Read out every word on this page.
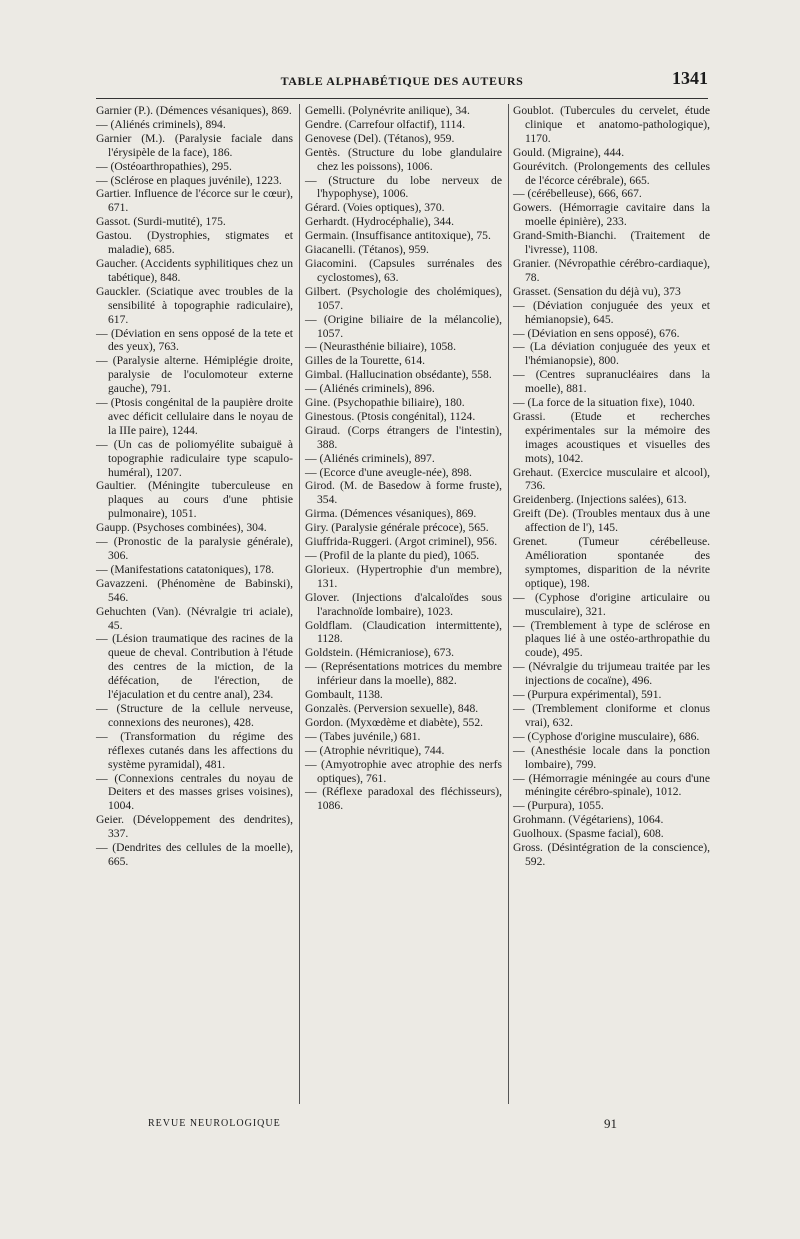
TABLE ALPHABÉTIQUE DES AUTEURS	1341

Garnier (P.). (Démences vésaniques), 869.

— (Aliénés criminels), 894.

Garnier (M.). (Paralysie faciale dans l'érysipèle de la face), 186.

— (Ostéoarthropathies), 295.

— (Sclérose en plaques juvénile), 1223.

Gartier. Influence de l'écorce sur le cœur), 671.

Gassot. (Surdi-mutité), 175.

Gastou. (Dystrophies, stigmates et maladie), 685.

Gaucher. (Accidents syphilitiques chez un tabétique), 848.

Gauckler. (Sciatique avec troubles de la sensibilité à topographie radiculaire), 617.

— (Déviation en sens opposé de la tete et des yeux), 763.

— (Paralysie alterne. Hémiplégie droite, paralysie de l'oculomoteur externe gauche), 791.

— (Ptosis congénital de la paupière droite avec déficit cellulaire dans le noyau de la IIIe paire), 1244.

— (Un cas de poliomyélite subaiguë à topographie radiculaire type scapulo-huméral), 1207.

Gaultier. (Méningite tuberculeuse en plaques au cours d'une phtisie pulmonaire), 1051.

Gaupp. (Psychoses combinées), 304.

— (Pronostic de la paralysie générale), 306.

— (Manifestations catatoniques), 178.

Gavazzeni. (Phénomène de Babinski), 546.

Gehuchten (Van). (Névralgie tri aciale), 45.

— (Lésion traumatique des racines de la queue de cheval. Contribution à l'étude des centres de la miction, de la défécation, de l'érection, de l'éjaculation et du centre anal), 234.

— (Structure de la cellule nerveuse, connexions des neurones), 428.

— (Transformation du régime des réflexes cutanés dans les affections du système pyramidal), 481.

— (Connexions centrales du noyau de Deiters et des masses grises voisines), 1004.

Geier. (Développement des dendrites), 337.

— (Dendrites des cellules de la moelle), 665.

Gemelli. (Polynévrite anilique), 34.

Gendre. (Carrefour olfactif), 1114.

Genovese (Del). (Tétanos), 959.

Gentès. (Structure du lobe glandulaire chez les poissons), 1006.

— (Structure du lobe nerveux de l'hypophyse), 1006.

Gérard. (Voies optiques), 370.

Gerhardt. (Hydrocéphalie), 344.

Germain. (Insuffisance antitoxique), 75.

Giacanelli. (Tétanos), 959.

Giacomini. (Capsules surrénales des cyclostomes), 63.

Gilbert. (Psychologie des cholémiques), 1057.

— (Origine biliaire de la mélancolie), 1057.

— (Neurasthénie biliaire), 1058.

Gilles de la Tourette, 614.

Gimbal. (Hallucination obsédante), 558.

— (Aliénés criminels), 896.

Gine. (Psychopathie biliaire), 180.

Ginestous. (Ptosis congénital), 1124.

Giraud. (Corps étrangers de l'intestin), 388.

— (Aliénés criminels), 897.

— (Ecorce d'une aveugle-née), 898.

Girod. (M. de Basedow à forme fruste), 354.

Girma. (Démences vésaniques), 869.

Giry. (Paralysie générale précoce), 565.

Giuffrida-Ruggeri. (Argot criminel), 956.

— (Profil de la plante du pied), 1065.

Glorieux. (Hypertrophie d'un membre), 131.

Glover. (Injections d'alcaloïdes sous l'arachnoïde lombaire), 1023.

Goldflam. (Claudication intermittente), 1128.

Goldstein. (Hémicraniose), 673.

— (Représentations motrices du membre inférieur dans la moelle), 882.

Gombault, 1138.

Gonzalès. (Perversion sexuelle), 848.

Gordon. (Myxœdème et diabète), 552.

— (Tabes juvénile,) 681.

— (Atrophie névritique), 744.

— (Amyotrophie avec atrophie des nerfs optiques), 761.

— (Réflexe paradoxal des fléchisseurs), 1086.

Goublot. (Tubercules du cervelet, étude clinique et anatomo-pathologique), 1170.

Gould. (Migraine), 444.

Gourévitch. (Prolongements des cellules de l'écorce cérébrale), 665.

— (cérébelleuse), 666, 667.

Gowers. (Hémorragie cavitaire dans la moelle épinière), 233.

Grand-Smith-Bianchi. (Traitement de l'ivresse), 1108.

Granier. (Névropathie cérébro-cardiaque), 78.

Grasset. (Sensation du déjà vu), 373

— (Déviation conjuguée des yeux et hémianopsie), 645.

— (Déviation en sens opposé), 676.

— (La déviation conjuguée des yeux et l'hémianopsie), 800.

— (Centres supranucléaires dans la moelle), 881.

— (La force de la situation fixe), 1040.

Grassi. (Etude et recherches expérimentales sur la mémoire des images acoustiques et visuelles des mots), 1042.

Grehaut. (Exercice musculaire et alcool), 736.

Greidenberg. (Injections salées), 613.

Greift (De). (Troubles mentaux dus à une affection de l'), 145.

Grenet. (Tumeur cérébelleuse. Amélioration spontanée des symptomes, disparition de la névrite optique), 198.

— (Cyphose d'origine articulaire ou musculaire), 321.

— (Tremblement à type de sclérose en plaques lié à une ostéo-arthropathie du coude), 495.

— (Névralgie du trijumeau traitée par les injections de cocaïne), 496.

— (Purpura expérimental), 591.

— (Tremblement cloniforme et clonus vrai), 632.

— (Cyphose d'origine musculaire), 686.

— (Anesthésie locale dans la ponction lombaire), 799.

— (Hémorragie méningée au cours d'une méningite cérébro-spinale), 1012.

— (Purpura), 1055.

Grohmann. (Végétariens), 1064.

Guolhoux. (Spasme facial), 608.

Gross. (Désintégration de la conscience), 592.

REVUE NEUROLOGIQUE	91
